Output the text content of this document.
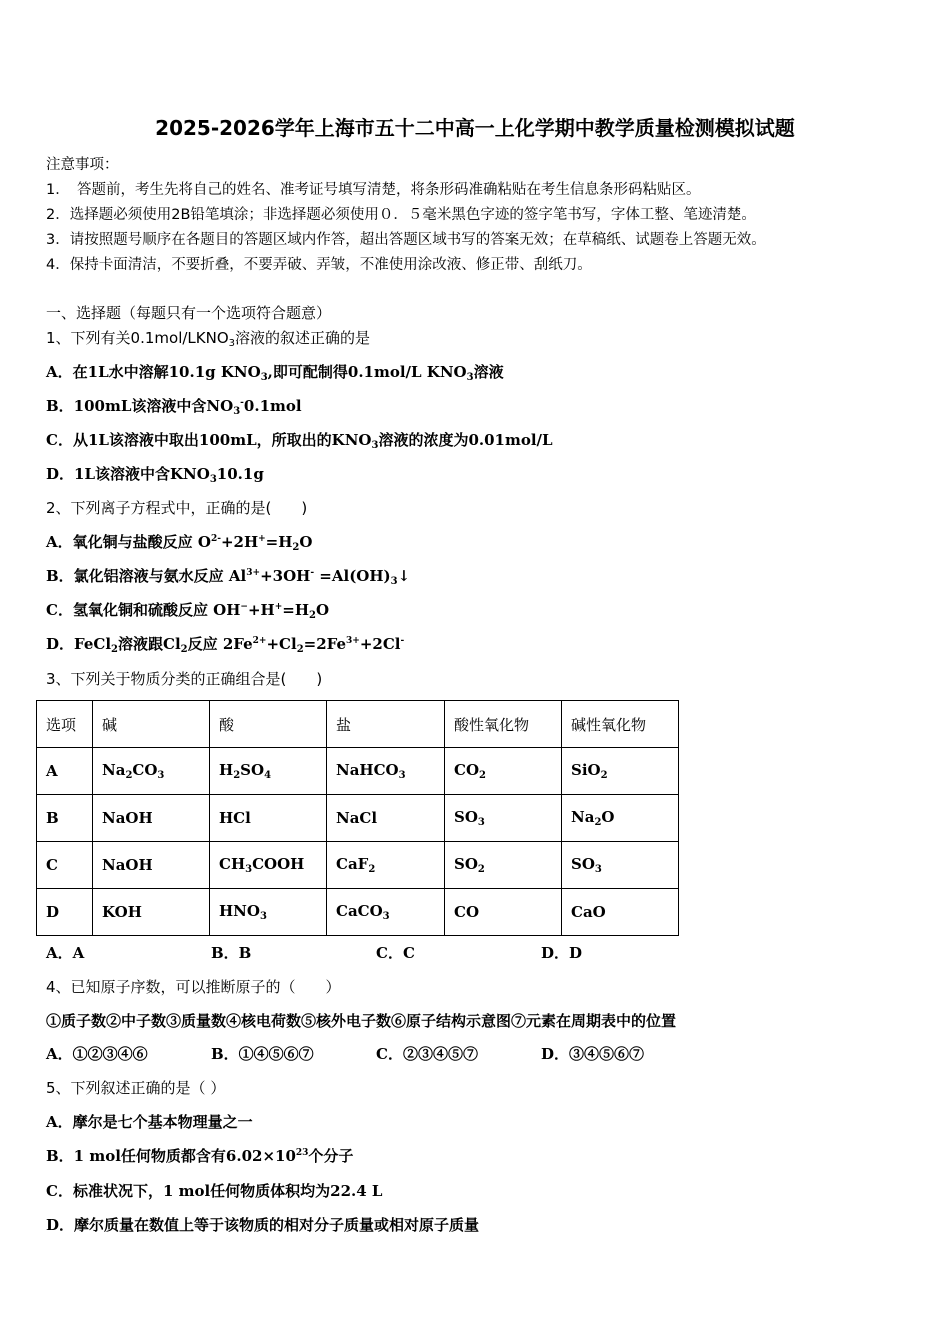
2025-2026学年上海市五十二中高一上化学期中教学质量检测模拟试题
注意事项：
1．　答题前，考生先将自己的姓名、准考证号填写清楚，将条形码准确粘贴在考生信息条形码粘贴区。
2．选择题必须使用2B铅笔填涂；非选择题必须使用０．５毫米黑色字迹的签字笔书写，字体工整、笔迹清楚。
3．请按照题号顺序在各题目的答题区域内作答，超出答题区域书写的答案无效；在草稿纸、试题卷上答题无效。
4．保持卡面清洁，不要折叠，不要弄破、弄皱，不准使用涂改液、修正带、刮纸刀。
一、选择题（每题只有一个选项符合题意）
1、下列有关$0.1mol/LKNO_3$溶液的叙述正确的是
A．在1L水中溶解10.1g $KNO_3$,即可配制得0.1mol/L $KNO_3$溶液
B．100mL该溶液中含$NO_3^-0.1mol$
C．从1L该溶液中取出100mL，所取出的$KNO_3$溶液的浓度为0.01mol/L
D．1L该溶液中含$KNO_310.1g$
2、下列离子方程式中，正确的是(　　)
A．氧化铜与盐酸反应 $O^{2-}+2H^+=H_2O$
B．氯化铝溶液与氨水反应 $Al^{3+}+3OH^-$ $=Al(OH)_3↓$
C．氢氧化铜和硫酸反应 $OH^-+H^+=H_2O$
D．FeCl$_2$溶液跟$Cl_2$反应 $2Fe^{2+}+Cl_2=2Fe^{3+}+2Cl^-$
3、下列关于物质分类的正确组合是(　　)
选项	碱	酸	盐	酸性氧化物	碱性氧化物
A	$Na_2CO_3$	$H_2SO_4$	NaHCO$_3$	$CO_2$	SiO$_2$
B	NaOH	HCl	NaCl	$SO_3$	$Na_2O$
C	NaOH	$CH_3COOH$	CaF$_2$	$SO_2$	$SO_3$
D	KOH	$HNO_3$	CaCO$_3$	CO	CaO
A．A	B．B	C．C	D．D
4、已知原子序数，可以推断原子的（　　）
①质子数②中子数③质量数④核电荷数⑤核外电子数⑥原子结构示意图⑦元素在周期表中的位置
A．①②③④⑥	B．①④⑤⑥⑦	C．②③④⑤⑦	D．③④⑤⑥⑦
5、下列叙述正确的是（ ）
A．摩尔是七个基本物理量之一
B．1 mol任何物质都含有$6.02\times 10^{23}$个分子
C．标准状况下，1 mol任何物质体积均为22.4 L
D．摩尔质量在数值上等于该物质的相对分子质量或相对原子质量
